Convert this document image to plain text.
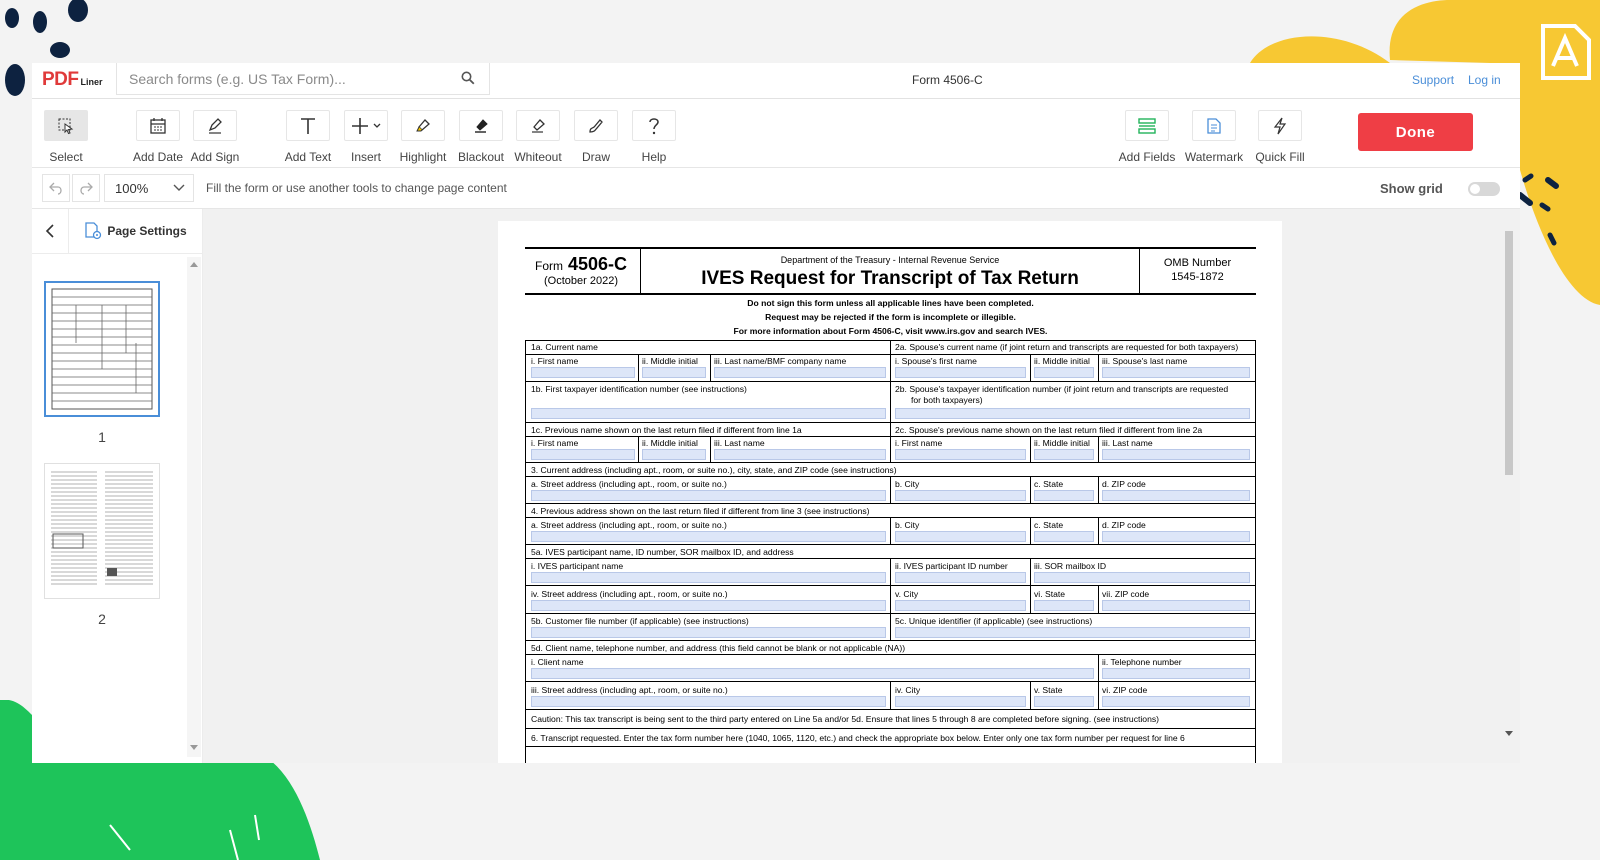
PDF Liner
Search forms (e.g. US Tax Form)...	Form 4506-C	Support Log in
Select	Add Date Add Sign	Add Text	Insert	Highlight Blackout Whiteout	Draw	Help	Add Fields Watermark	Quick Fill
Done
100%	Fill the form or use another tools to change page content	Show grid
Page Settings
1
2
Form 4506-C
(October 2022)
Department of the Treasury - Internal Revenue Service
IVES Request for Transcript of Tax Return
OMB Number
1545-1872
Do not sign this form unless all applicable lines have been completed.
Request may be rejected if the form is incomplete or illegible.
For more information about Form 4506-C, visit www.irs.gov and search IVES.
1a. Current name	2a. Spouse's current name (if joint return and transcripts are requested for both taxpayers)
i. First name	ii. Middle initial iii. Last name/BMF company name	i. Spouse's first name	ii. Middle initial iii. Spouse's last name
1b. First taxpayer identification number (see instructions)	2b. Spouse's taxpayer identification number (if joint return and transcripts are requested
for both taxpayers)
1c. Previous name shown on the last return filed if different from line 1a	2c. Spouse's previous name shown on the last return filed if different from line 2a
i. First name	ii. Middle initial iii. Last name	i. First name	ii. Middle initial iii. Last name
3. Current address (including apt., room, or suite no.), city, state, and ZIP code (see instructions)
a. Street address (including apt., room, or suite no.)	b. City	c. State	d. ZIP code
4. Previous address shown on the last return filed if different from line 3 (see instructions)
a. Street address (including apt., room, or suite no.)	b. City	c. State	d. ZIP code
5a. IVES participant name, ID number, SOR mailbox ID, and address
i. IVES participant name	ii. IVES participant ID number	iii. SOR mailbox ID
iv. Street address (including apt., room, or suite no.)	v. City	vi. State	vii. ZIP code
5b. Customer file number (if applicable) (see instructions)	5c. Unique identifier (if applicable) (see instructions)
5d. Client name, telephone number, and address (this field cannot be blank or not applicable (NA))
i. Client name	ii. Telephone number
iii. Street address (including apt., room, or suite no.)	iv. City	v. State	vi. ZIP code
Caution: This tax transcript is being sent to the third party entered on Line 5a and/or 5d. Ensure that lines 5 through 8 are completed before signing. (see instructions)
6. Transcript requested. Enter the tax form number here (1040, 1065, 1120, etc.) and check the appropriate box below. Enter only one tax form number per request for line 6
